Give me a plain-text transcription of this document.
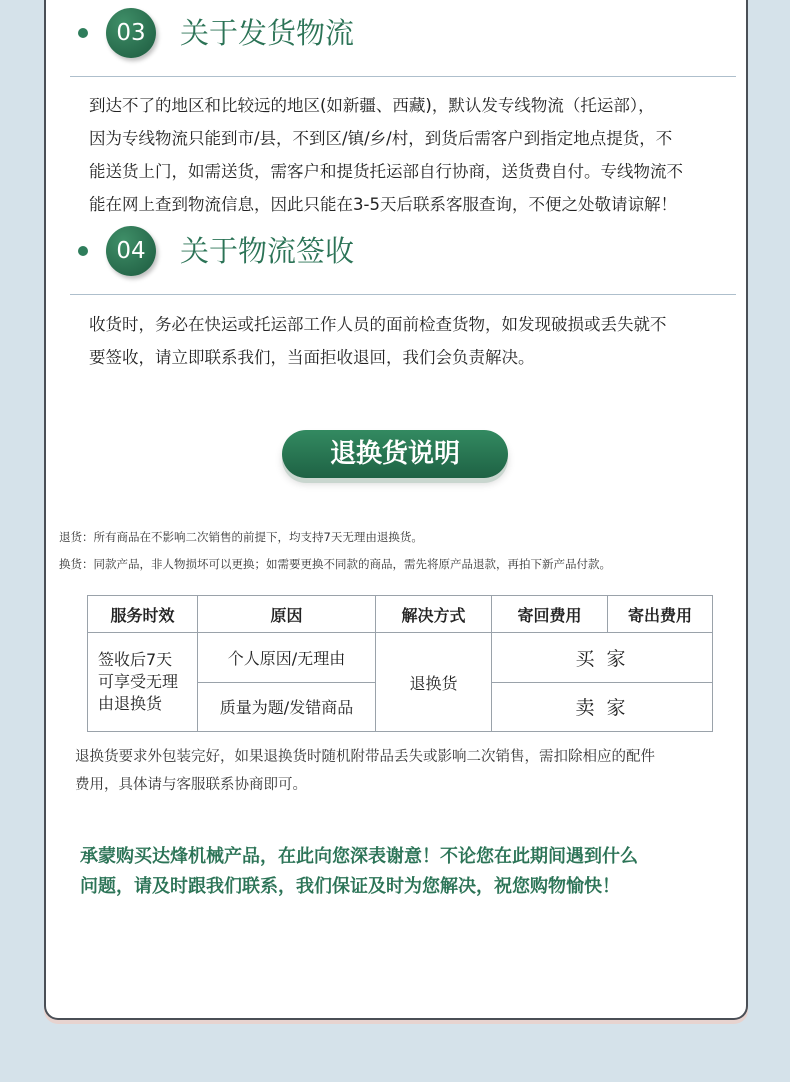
03	关于发货物流
到达不了的地区和比较远的地区(如新疆、西藏)，默认发专线物流（托运部），
因为专线物流只能到市/县，不到区/镇/乡/村，到货后需客户到指定地点提货，不
能送货上门，如需送货，需客户和提货托运部自行协商，送货费自付。专线物流不
能在网上查到物流信息，因此只能在3-5天后联系客服查询，不便之处敬请谅解！
04	关于物流签收
收货时，务必在快运或托运部工作人员的面前检查货物，如发现破损或丢失就不
要签收，请立即联系我们，当面拒收退回，我们会负责解决。
退换货说明
退货：所有商品在不影响二次销售的前提下，均支持7天无理由退换货。
换货：同款产品，非人物损坏可以更换；如需要更换不同款的商品，需先将原产品退款，再拍下新产品付款。
服务时效	原因	解决方式	寄回费用	寄出费用

签收后7天
可享受无理
由退换货	个人原因/无理由	退换货	买 家	
	质量为题/发错商品		卖 家	
退换货要求外包装完好，如果退换货时随机附带品丢失或影响二次销售，需扣除相应的配件
费用，具体请与客服联系协商即可。
承蒙购买达烽机械产品，在此向您深表谢意！不论您在此期间遇到什么
问题，请及时跟我们联系，我们保证及时为您解决，祝您购物愉快！
